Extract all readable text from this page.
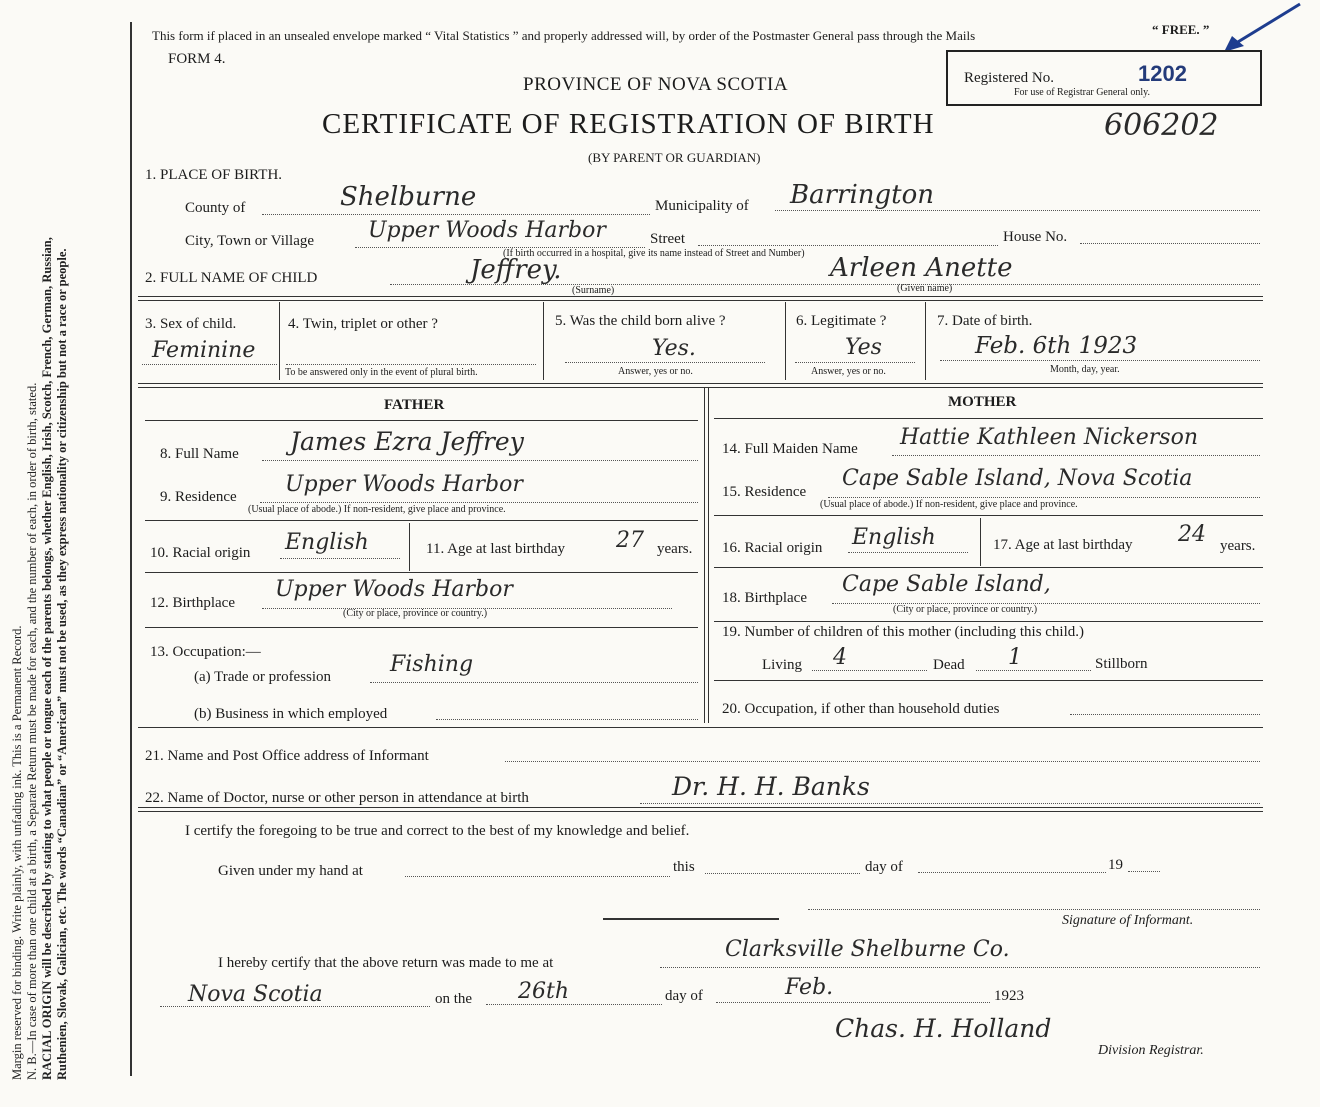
Margin reserved for binding. Write plainly, with unfading ink. This is a Permanent Record. N. B.—In case of more than one child at a birth, a Separate Return must be made for each, and the number of each, in order of birth, stated. RACIAL ORIGIN will be described by stating to what people or tongue each of the parents belongs, whether English, Irish, Scotch, French, German, Russian, Ruthenien, Slovak, Galician, etc. The words “Canadian” or “American” must not be used, as they express nationality or citizenship but not a race or people.
This form if placed in an unsealed envelope marked “ Vital Statistics ” and properly addressed will, by order of the Postmaster General pass through the Mails	“ FREE. ”
FORM 4.
PROVINCE OF NOVA SCOTIA	Registered No.	1202
For use of Registrar General only.
CERTIFICATE OF REGISTRATION OF BIRTH	606202
(BY PARENT OR GUARDIAN)
1. PLACE OF BIRTH.
County of	Shelburne	Municipality of Barrington
City, Town or Village Upper Woods Harbor	Street	House No.
(If birth occurred in a hospital, give its name instead of Street and Number)
2. FULL NAME OF CHILD	Jeffrey.	Arleen Anette
(Surname)	(Given name)
3. Sex of child.
Feminine
4. Twin, triplet or other ?
To be answered only in the event of plural birth.
5. Was the child born alive ?
Yes.
Answer, yes or no.
6. Legitimate ?
Yes
Answer, yes or no.
7. Date of birth.
Feb. 6th 1923
Month, day, year.
FATHER
8. Full Name James Ezra Jeffrey
9. Residence Upper Woods Harbor
(Usual place of abode.) If non-resident, give place and province.
10. Racial origin English	11. Age at last birthday 27 years.
12. Birthplace
Upper Woods Harbor
(City or place, province or country.)
13. Occupation:—
(a) Trade or profession	Fishing
(b) Business in which employed
MOTHER
14. Full Maiden Name Hattie Kathleen Nickerson
15. Residence
Cape Sable Island, Nova Scotia
(Usual place of abode.) If non-resident, give place and province.
16. Racial origin English	17. Age at last birthday 24 years.
18. Birthplace
Cape Sable Island,
(City or place, province or country.)
19. Number of children of this mother (including this child.)
Living 4	Dead 1	Stillborn
20. Occupation, if other than household duties
21. Name and Post Office address of Informant
22. Name of Doctor, nurse or other person in attendance at birth	Dr. H. H. Banks
I certify the foregoing to be true and correct to the best of my knowledge and belief.
Given under my hand at	this	day of	19
Signature of Informant.
I hereby certify that the above return was made to me at
Clarksville Shelburne Co.
Nova Scotia	on the 26th	day of	Feb.	1923
Chas. H. Holland
Division Registrar.
